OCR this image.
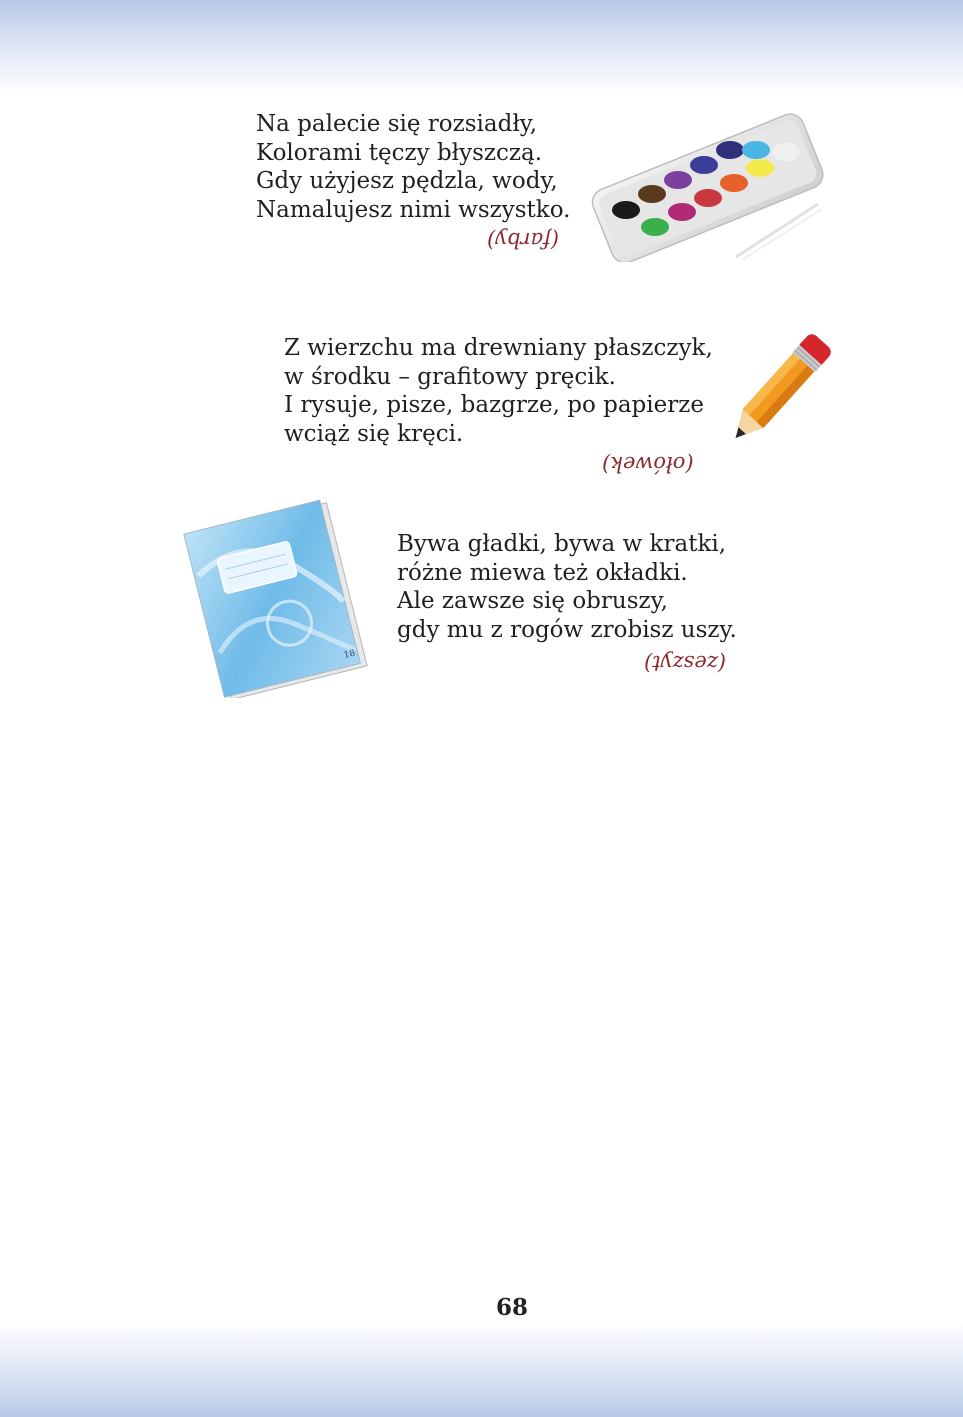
Na palecie się rozsiadły,
Kolorami tęczy błyszczą.
Gdy użyjesz pędzla, wody,
Namalujesz nimi wszystko.
(farby)
Z wierzchu ma drewniany płaszczyk,
w środku – grafitowy pręcik.
I rysuje, pisze, bazgrze, po papierze
wciąż się kręci.
(ołówek)
18
Bywa gładki, bywa w kratki,
różne miewa też okładki.
Ale zawsze się obruszy,
gdy mu z rogów zrobisz uszy.
(zeszyt)
68
